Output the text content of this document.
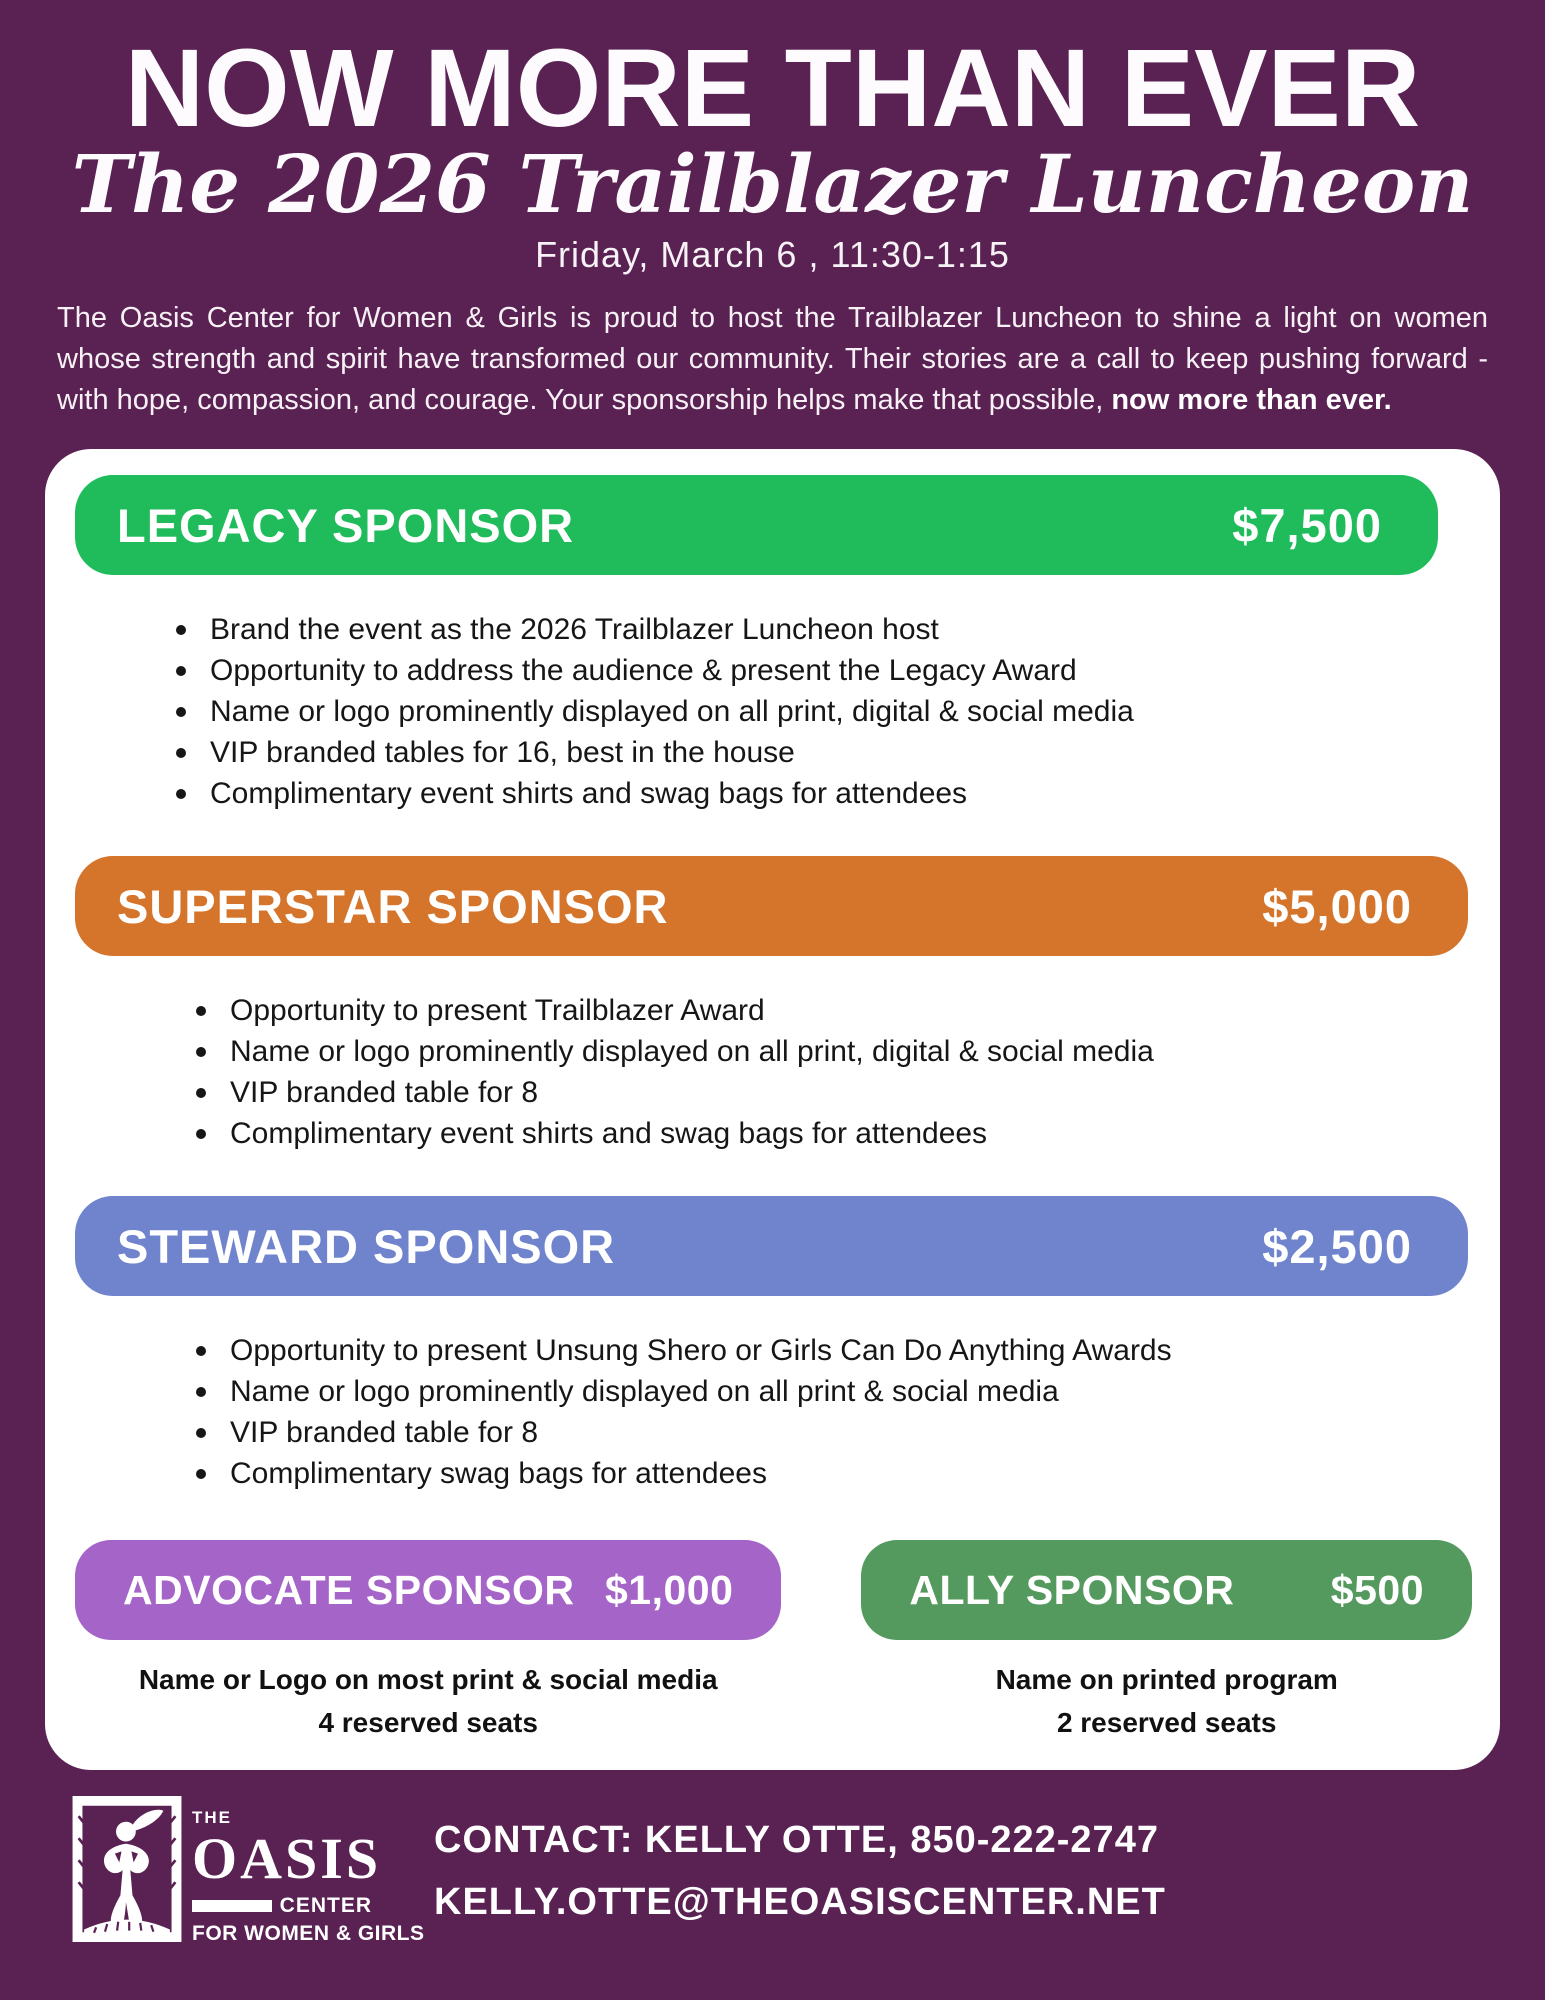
NOW MORE THAN EVER
The 2026 Trailblazer Luncheon
Friday, March 6 , 11:30-1:15

The Oasis Center for Women & Girls is proud to host the Trailblazer Luncheon to shine a light on women whose strength and spirit have transformed our community. Their stories are a call to keep pushing forward - with hope, compassion, and courage. Your sponsorship helps make that possible, now more than ever.

LEGACY SPONSOR	$7,500
Brand the event as the 2026 Trailblazer Luncheon host
Opportunity to address the audience & present the Legacy Award
Name or logo prominently displayed on all print, digital & social media
VIP branded tables for 16, best in the house
Complimentary event shirts and swag bags for attendees
SUPERSTAR SPONSOR	$5,000
Opportunity to present Trailblazer Award
Name or logo prominently displayed on all print, digital & social media
VIP branded table for 8
Complimentary event shirts and swag bags for attendees
STEWARD SPONSOR	$2,500
Opportunity to present Unsung Shero or Girls Can Do Anything Awards
Name or logo prominently displayed on all print & social media
VIP branded table for 8
Complimentary swag bags for attendees
ADVOCATE SPONSOR $1,000
Name or Logo on most print & social media
4 reserved seats
ALLY SPONSOR $500
Name on printed program
2 reserved seats
THE
OASIS
CENTER
FOR WOMEN & GIRLS
CONTACT: KELLY OTTE, 850-222-2747
KELLY.OTTE@THEOASISCENTER.NET
